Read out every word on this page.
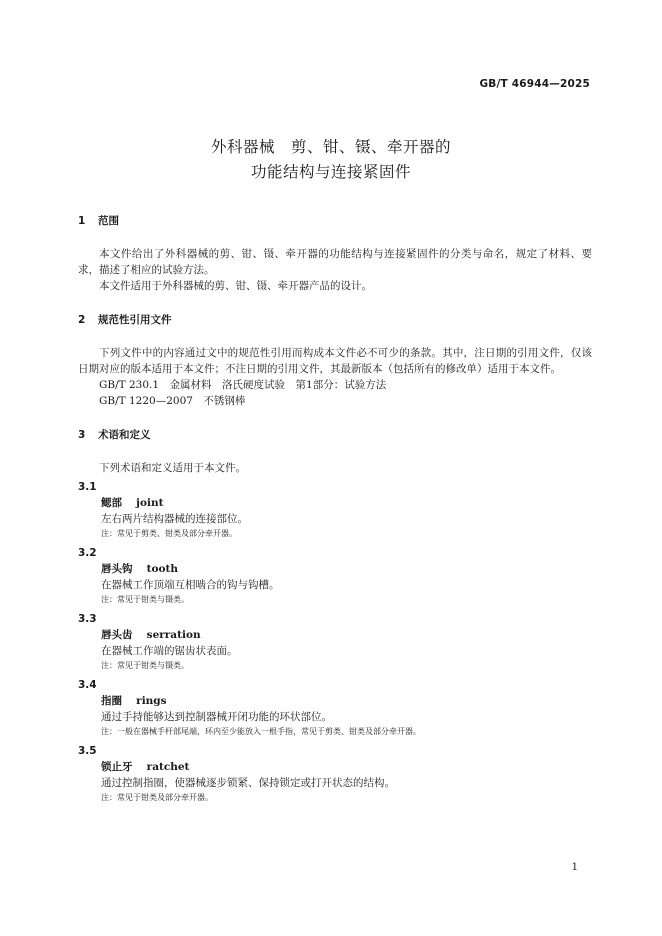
GB/T 46944—2025
外科器械　剪、钳、镊、牵开器的
功能结构与连接紧固件
1 范围

本文件给出了外科器械的剪、钳、镊、牵开器的功能结构与连接紧固件的分类与命名，规定了材料、要求，描述了相应的试验方法。

本文件适用于外科器械的剪、钳、镊、牵开器产品的设计。

2 规范性引用文件

下列文件中的内容通过文中的规范性引用而构成本文件必不可少的条款。其中，注日期的引用文件，仅该日期对应的版本适用于本文件；不注日期的引用文件，其最新版本（包括所有的修改单）适用于本文件。

GB/T 230.1　金属材料　洛氏硬度试验　第1部分：试验方法

GB/T 1220—2007　不锈钢棒

3 术语和定义

下列术语和定义适用于本文件。

3.1
鳃部　 joint
左右两片结构器械的连接部位。
注：常见于剪类、钳类及部分牵开器。
3.2
唇头钩　 tooth
在器械工作顶端互相啮合的钩与钩槽。
注：常见于钳类与镊类。
3.3
唇头齿　 serration
在器械工作端的锯齿状表面。
注：常见于钳类与镊类。
3.4
指圈　 rings
通过手持能够达到控制器械开闭功能的环状部位。
注：一般在器械手杆部尾端，环内至少能放入一根手指，常见于剪类、钳类及部分牵开器。
3.5
锁止牙　 ratchet
通过控制指圈，使器械逐步锁紧、保持锁定或打开状态的结构。
注：常见于钳类及部分牵开器。
1
